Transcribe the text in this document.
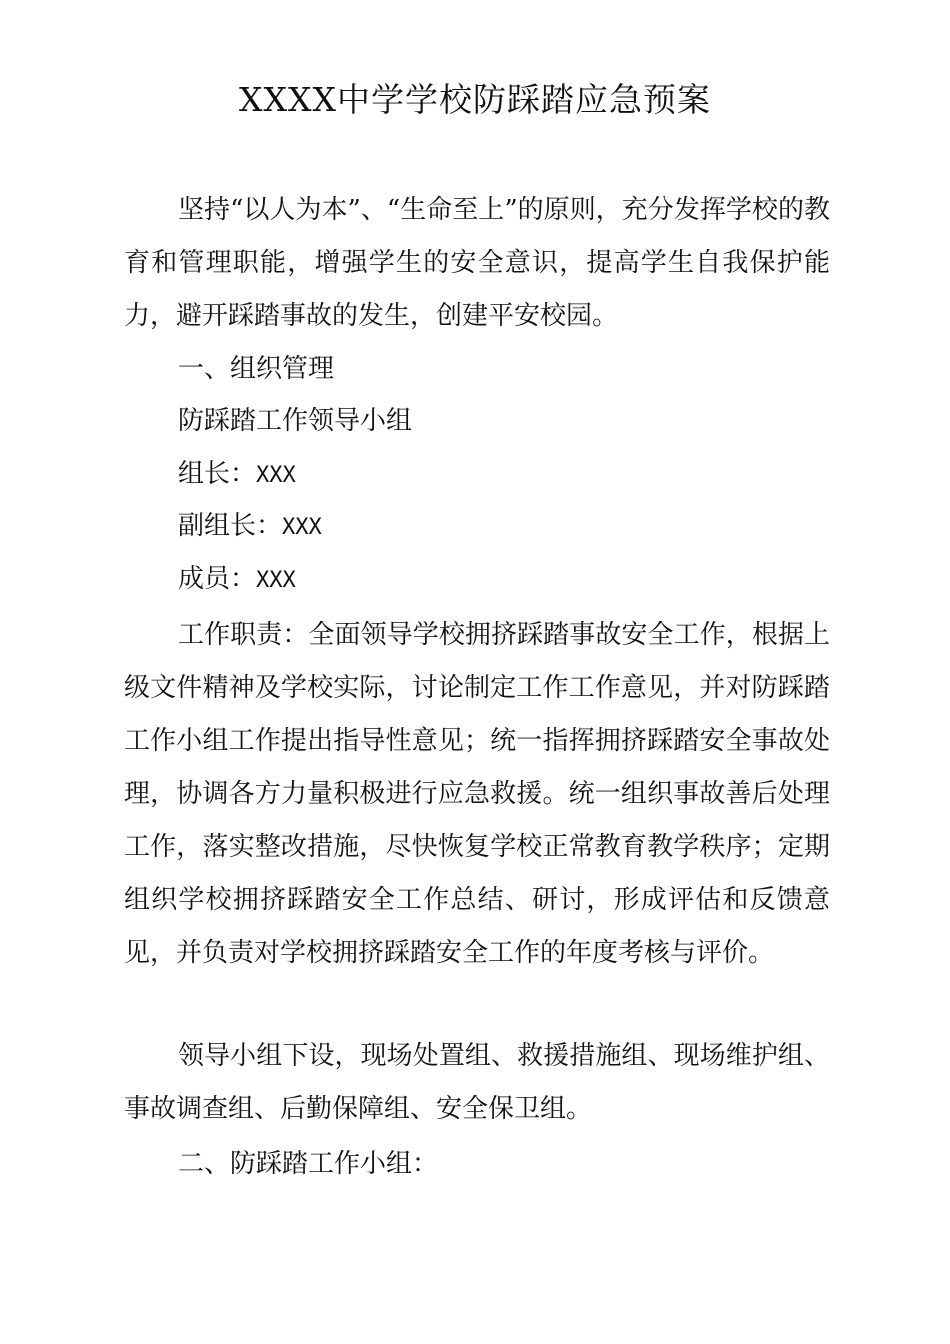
XXXX中学学校防踩踏应急预案

坚持“以人为本”、“生命至上”的原则，充分发挥学校的教育和管理职能，增强学生的安全意识，提高学生自我保护能力，避开踩踏事故的发生，创建平安校园。

一、组织管理

防踩踏工作领导小组

组长：XXX

副组长：XXX

成员：XXX

工作职责：全面领导学校拥挤踩踏事故安全工作，根据上级文件精神及学校实际，讨论制定工作工作意见，并对防踩踏工作小组工作提出指导性意见；统一指挥拥挤踩踏安全事故处理，协调各方力量积极进行应急救援。统一组织事故善后处理工作，落实整改措施，尽快恢复学校正常教育教学秩序；定期组织学校拥挤踩踏安全工作总结、研讨，形成评估和反馈意见，并负责对学校拥挤踩踏安全工作的年度考核与评价。

领导小组下设，现场处置组、救援措施组、现场维护组、事故调查组、后勤保障组、安全保卫组。

二、防踩踏工作小组：
